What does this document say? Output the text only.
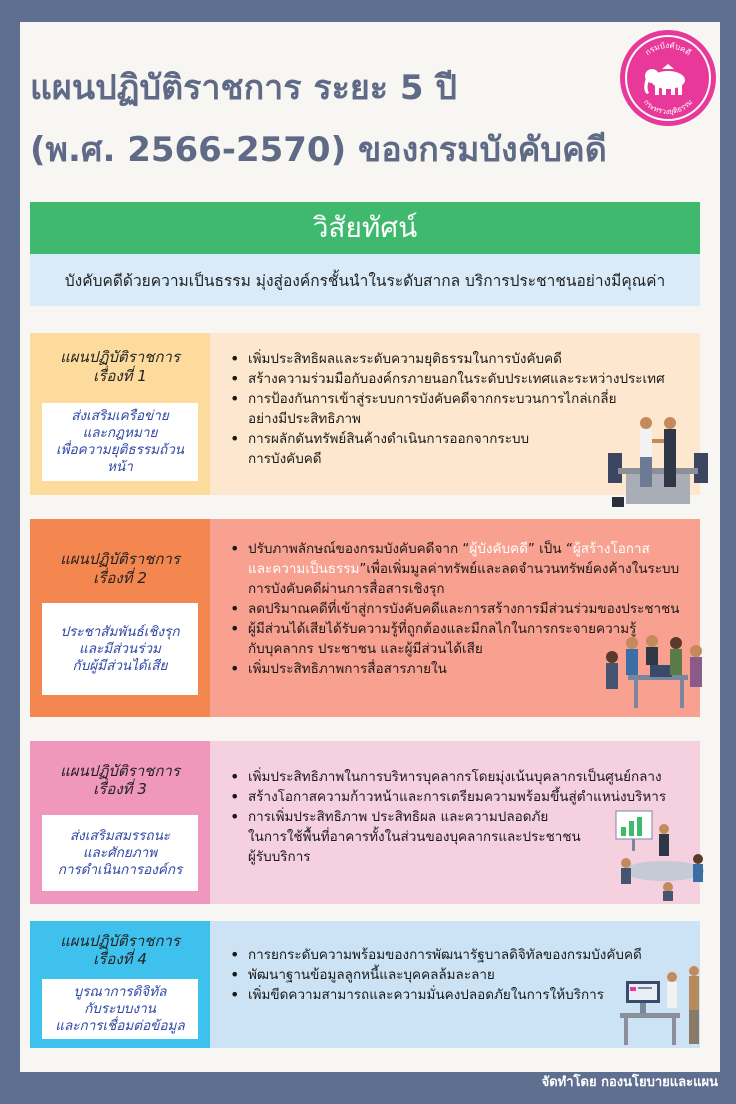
แผนปฏิบัติราชการ ระยะ 5 ปี
(พ.ศ. 2566-2570) ของกรมบังคับคดี
กรมบังคับคดี
กระทรวงยุติธรรม
วิสัยทัศน์
บังคับคดีด้วยความเป็นธรรม มุ่งสู่องค์กรชั้นนำในระดับสากล บริการประชาชนอย่างมีคุณค่า
แผนปฏิบัติราชการ
เรื่องที่ 1
ส่งเสริมเครือข่าย
และกฎหมาย
เพื่อความยุติธรรมถ้วน
หน้า
• เพิ่มประสิทธิผลและระดับความยุติธรรมในการบังคับคดี
• สร้างความร่วมมือกับองค์กรภายนอกในระดับประเทศและระหว่างประเทศ
• การป้องกันการเข้าสู่ระบบการบังคับคดีจากกระบวนการไกล่เกลี่ย
อย่างมีประสิทธิภาพ
• การผลักดันทรัพย์สินค้างดำเนินการออกจากระบบ
การบังคับคดี
แผนปฏิบัติราชการ
เรื่องที่ 2
ประชาสัมพันธ์เชิงรุก
และมีส่วนร่วม
กับผู้มีส่วนได้เสีย
• ปรับภาพลักษณ์ของกรมบังคับคดีจาก “ผู้บังคับคดี” เป็น “ผู้สร้างโอกาส
และความเป็นธรรม”เพื่อเพิ่มมูลค่าทรัพย์และลดจำนวนทรัพย์คงค้างในระบบ
การบังคับคดีผ่านการสื่อสารเชิงรุก
• ลดปริมาณคดีที่เข้าสู่การบังคับคดีและการสร้างการมีส่วนร่วมของประชาชน
• ผู้มีส่วนได้เสียได้รับความรู้ที่ถูกต้องและมีกลไกในการกระจายความรู้
กับบุคลากร ประชาชน และผู้มีส่วนได้เสีย
• เพิ่มประสิทธิภาพการสื่อสารภายใน
แผนปฏิบัติราชการ
เรื่องที่ 3
ส่งเสริมสมรรถนะ
และศักยภาพ
การดำเนินการองค์กร
• เพิ่มประสิทธิภาพในการบริหารบุคลากรโดยมุ่งเน้นบุคลากรเป็นศูนย์กลาง
• สร้างโอกาสความก้าวหน้าและการเตรียมความพร้อมขึ้นสู่ตำแหน่งบริหาร
• การเพิ่มประสิทธิภาพ ประสิทธิผล และความปลอดภัย
ในการใช้พื้นที่อาคารทั้งในส่วนของบุคลากรและประชาชน
ผู้รับบริการ
แผนปฏิบัติราชการ
เรื่องที่ 4
บูรณาการดิจิทัล
กับระบบงาน
และการเชื่อมต่อข้อมูล
• การยกระดับความพร้อมของการพัฒนารัฐบาลดิจิทัลของกรมบังคับคดี
• พัฒนาฐานข้อมูลลูกหนี้และบุคคลล้มละลาย
• เพิ่มขีดความสามารถและความมั่นคงปลอดภัยในการให้บริการ
จัดทำโดย กองนโยบายและแผน
